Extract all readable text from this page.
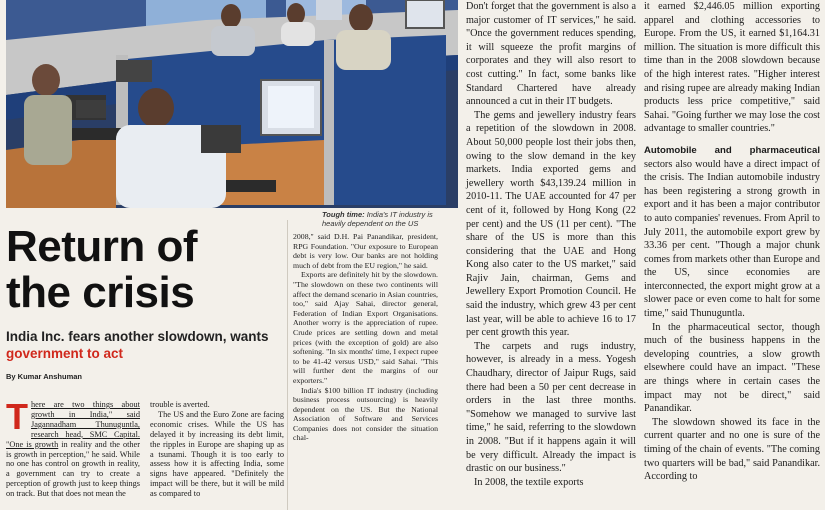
Tough time: India's IT industry is heavily dependent on the US
Return of
the crisis
India Inc. fears another slowdown, wants government to act
By Kumar Anshuman
T here are two things about growth in India," said Jagannadham Thunuguntla, research head, SMC Capital. "One is growth in reality and the other is growth in perception," he said. While no one has control on growth in reality, a government can try to create a perception of growth just to keep things on track. But that does not mean the

trouble is averted.

The US and the Euro Zone are facing economic crises. While the US has delayed it by increasing its debt limit, the ripples in Europe are shaping up as a tsunami. Though it is too early to assess how it is affecting India, some signs have appeared. "Definitely the impact will be there, but it will be mild as compared to

2008," said D.H. Pai Panandikar, president, RPG Foundation. "Our exposure to European debt is very low. Our banks are not holding much of debt from the EU region," he said.

Exports are definitely hit by the slowdown. "The slowdown on these two continents will affect the demand scenario in Asian countries, too," said Ajay Sahai, director general, Federation of Indian Export Organisations. Another worry is the appreciation of rupee. Crude prices are settling down and metal prices (with the exception of gold) are also softening. "In six months' time, I expect rupee to be 41-42 versus USD," said Sahai. "This will further dent the margins of our exporters."

India's $100 billion IT industry (including business process outsourcing) is heavily dependent on the US. But the National Association of Software and Services Companies does not consider the situation chal-

Don't forget that the government is also a major customer of IT services," he said. "Once the government reduces spending, it will squeeze the profit margins of corporates and they will also resort to cost cutting." In fact, some banks like Standard Chartered have already announced a cut in their IT budgets.

The gems and jewellery industry fears a repetition of the slowdown in 2008. About 50,000 people lost their jobs then, owing to the slow demand in the key markets. India exported gems and jewellery worth $43,139.24 million in 2010-11. The UAE accounted for 47 per cent of it, followed by Hong Kong (22 per cent) and the US (11 per cent). "The share of the US is more than this considering that the UAE and Hong Kong also cater to the US market," said Rajiv Jain, chairman, Gems and Jewellery Export Promotion Council. He said the industry, which grew 43 per cent last year, will be able to achieve 16 to 17 per cent growth this year.

The carpets and rugs industry, however, is already in a mess. Yogesh Chaudhary, director of Jaipur Rugs, said there had been a 50 per cent decrease in orders in the last three months. "Somehow we managed to survive last time," he said, referring to the slowdown in 2008. "But if it happens again it will be very difficult. Already the impact is drastic on our business."

In 2008, the textile exports

it earned $2,446.05 million exporting apparel and clothing accessories to Europe. From the US, it earned $1,164.31 million. The situation is more difficult this time than in the 2008 slowdown because of the high interest rates. "Higher interest and rising rupee are already making Indian products less price competitive," said Sahai. "Going further we may lose the cost advantage to smaller countries."

Automobile and pharmaceutical sectors also would have a direct impact of the crisis. The Indian automobile industry has been registering a strong growth in export and it has been a major contributor to auto companies' revenues. From April to July 2011, the automobile export grew by 33.36 per cent. "Though a major chunk comes from markets other than Europe and the US, since economies are interconnected, the export might grow at a slower pace or even come to halt for some time," said Thunuguntla.

In the pharmaceutical sector, though much of the business happens in the developing countries, a slow growth elsewhere could have an impact. "These are things where in certain cases the impact may not be direct," said Panandikar.

The slowdown showed its face in the current quarter and no one is sure of the timing of the chain of events. "The coming two quarters will be bad," said Panandikar. According to
